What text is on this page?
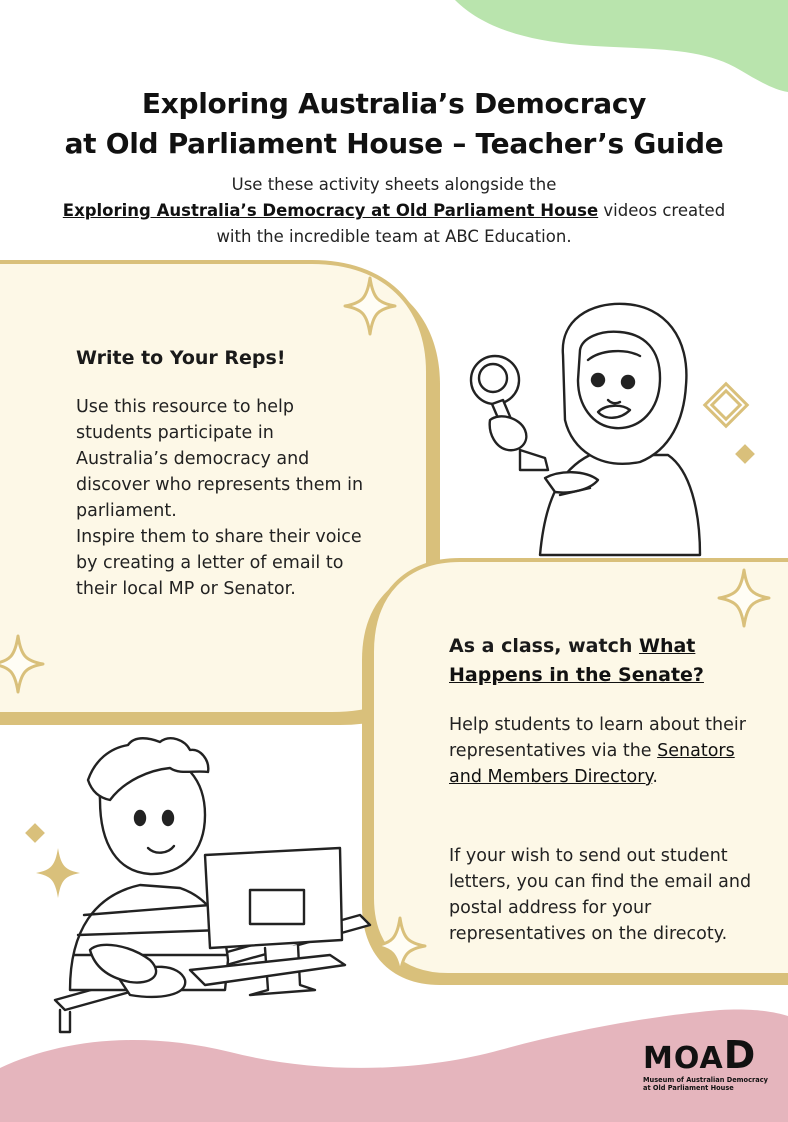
Exploring Australia’s Democracy
at Old Parliament House – Teacher’s Guide
Use these activity sheets alongside the
Exploring Australia’s Democracy at Old Parliament House videos created
with the incredible team at ABC Education.
Write to Your Reps!
Use this resource to help students participate in Australia’s democracy and discover who represents them in parliament.
Inspire them to share their voice by creating a letter of email to their local MP or Senator.
As a class, watch What Happens in the Senate?
Help students to learn about their representatives via the Senators and Members Directory.
If your wish to send out student letters, you can find the email and postal address for your representatives on the direcoty.
MOAD
Museum of Australian Democracy
at Old Parliament House
